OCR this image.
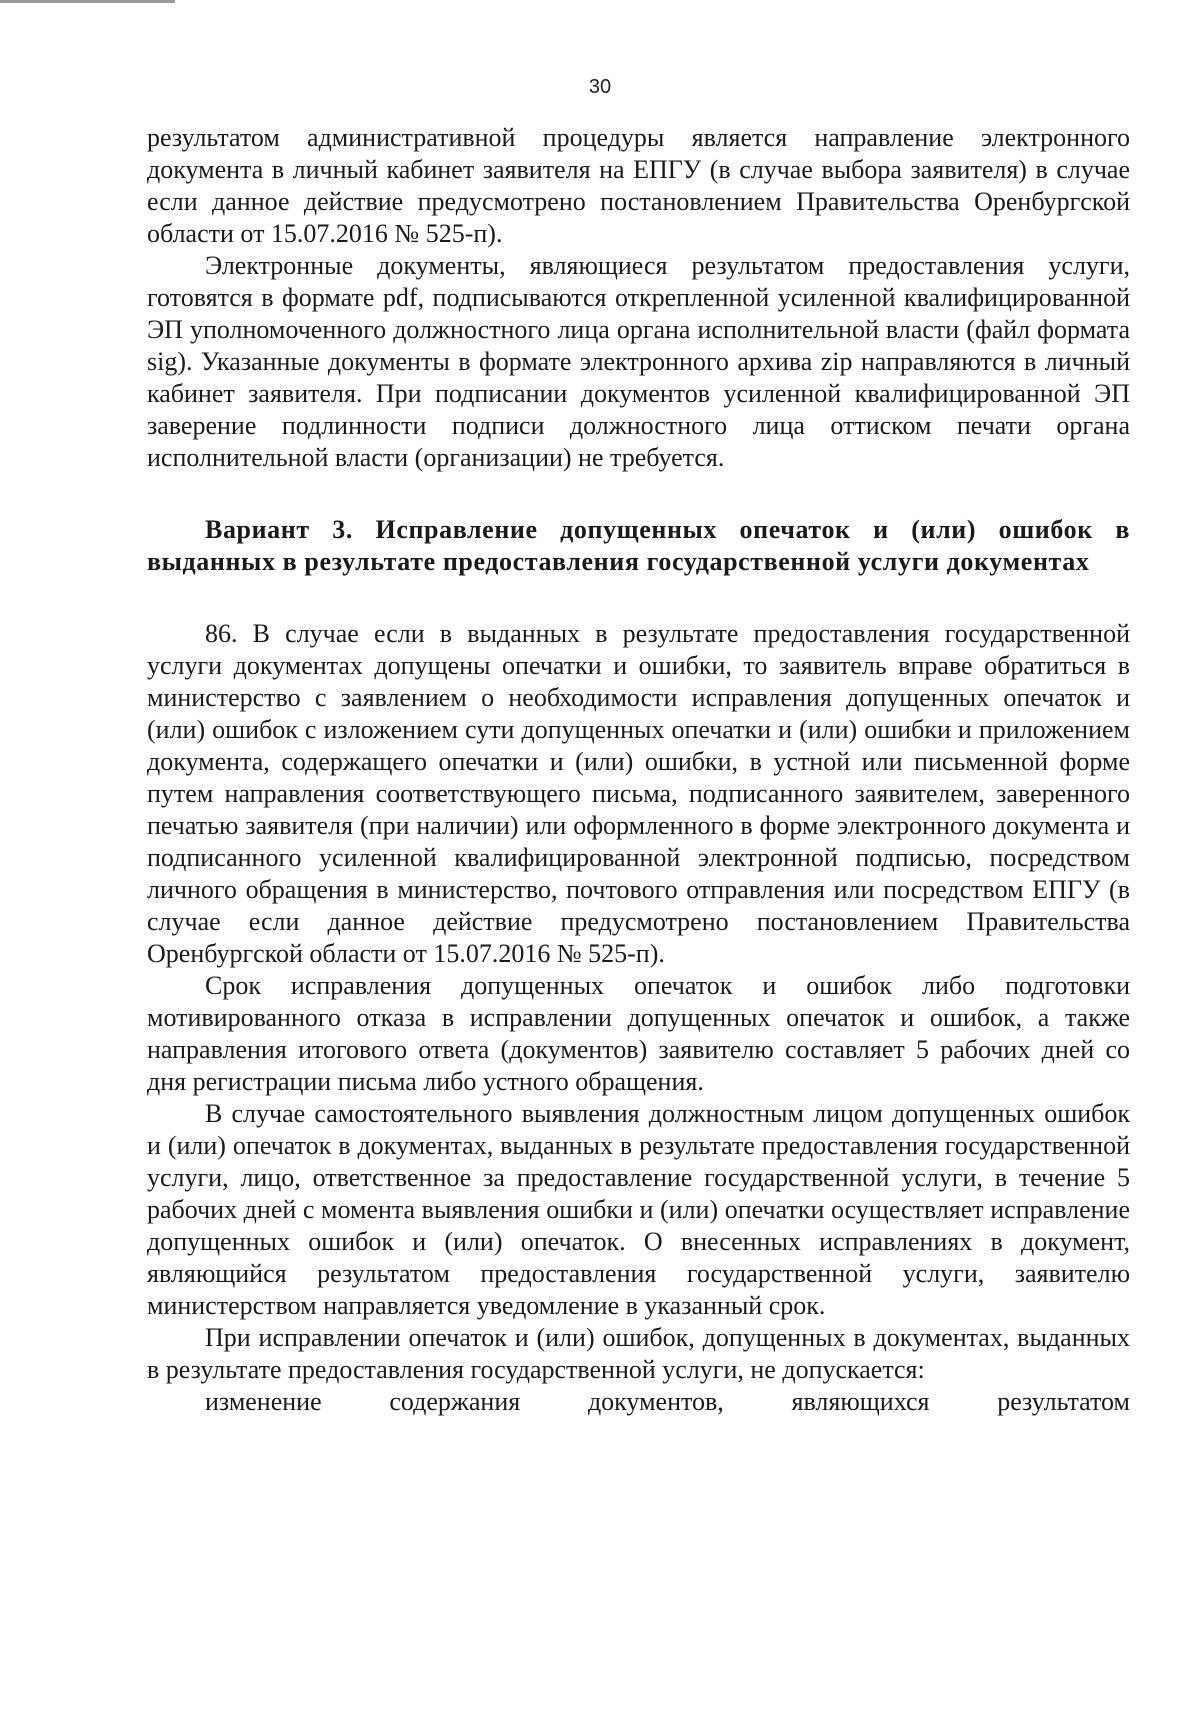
30

результатом административной процедуры является направление электронного документа в личный кабинет заявителя на ЕПГУ (в случае выбора заявителя) в случае если данное действие предусмотрено постановлением Правительства Оренбургской области от 15.07.2016 № 525-п).

Электронные документы, являющиеся результатом предоставления услуги, готовятся в формате pdf, подписываются открепленной усиленной квалифицированной ЭП уполномоченного должностного лица органа исполнительной власти (файл формата sig). Указанные документы в формате электронного архива zip направляются в личный кабинет заявителя. При подписании документов усиленной квалифицированной ЭП заверение подлинности подписи должностного лица оттиском печати органа исполнительной власти (организации) не требуется.

Вариант 3. Исправление допущенных опечаток и (или) ошибок в выданных в результате предоставления государственной услуги документах

86. В случае если в выданных в результате предоставления государственной услуги документах допущены опечатки и ошибки, то заявитель вправе обратиться в министерство с заявлением о необходимости исправления допущенных опечаток и (или) ошибок с изложением сути допущенных опечатки и (или) ошибки и приложением документа, содержащего опечатки и (или) ошибки, в устной или письменной форме путем направления соответствующего письма, подписанного заявителем, заверенного печатью заявителя (при наличии) или оформленного в форме электронного документа и подписанного усиленной квалифицированной электронной подписью, посредством личного обращения в министерство, почтового отправления или посредством ЕПГУ (в случае если данное действие предусмотрено постановлением Правительства Оренбургской области от 15.07.2016 № 525-п).

Срок исправления допущенных опечаток и ошибок либо подготовки мотивированного отказа в исправлении допущенных опечаток и ошибок, а также направления итогового ответа (документов) заявителю составляет 5 рабочих дней со дня регистрации письма либо устного обращения.

В случае самостоятельного выявления должностным лицом допущенных ошибок и (или) опечаток в документах, выданных в результате предоставления государственной услуги, лицо, ответственное за предоставление государственной услуги, в течение 5 рабочих дней с момента выявления ошибки и (или) опечатки осуществляет исправление допущенных ошибок и (или) опечаток. О внесенных исправлениях в документ, являющийся результатом предоставления государственной услуги, заявителю министерством направляется уведомление в указанный срок.

При исправлении опечаток и (или) ошибок, допущенных в документах, выданных в результате предоставления государственной услуги, не допускается:

изменение содержания документов, являющихся результатом
